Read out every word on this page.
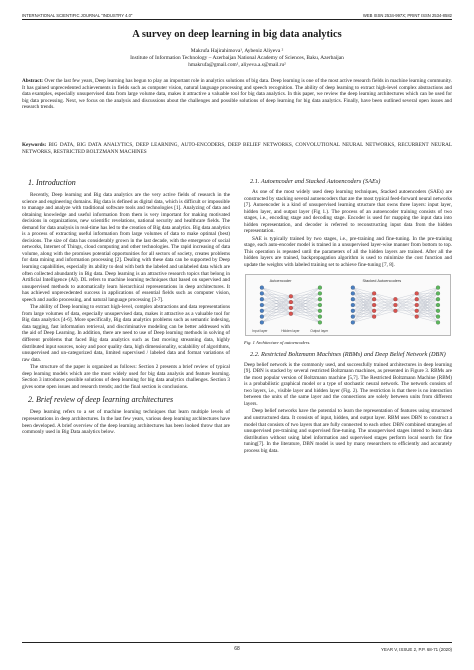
INTERNATIONAL SCIENTIFIC JOURNAL "INDUSTRY 4.0"	WEB ISSN 2534-997X; PRINT ISSN 2534-8582
A survey on deep learning in big data analytics
Makrufa Hajirahimova¹, Aybeniz Aliyeva ²
Institute of Information Technology ‒ Azerbaijan National Academy of Sciences, Baku, Azerbaijan
hmakrufa@gmail.com¹, aliyeva.a.s@mail.ru²
Abstract: Over the last few years, Deep learning has begun to play an important role in analytics solutions of big data. Deep learning is one of the most active research fields in machine learning community. It has gained unprecedented achievements in fields such as computer vision, natural language processing and speech recognition. The ability of deep learning to extract high-level complex abstractions and data examples, especially unsupervised data from large volume data, makes it attractive a valuable tool for big data analytics. In this paper, we review the deep learning architectures which can be used for big data processing. Next, we focus on the analysis and discussions about the challenges and possible solutions of deep learning for big data analytics. Finally, have been outlined several open issues and research trends.
Keywords: BIG DATA, BIG DATA ANALYTICS, DEEP LEARNING, AUTO-ENCODERS, DEEP BELIEF NETWORKS, CONVOLUTIONAL NEURAL NETWORKS, RECURRENT NEURAL NETWORKS, RESTRICTED BOLTZMANN MACHINES
1. Introduction

Recently, Deep learning and Big data analytics are the very active fields of research in the science and engineering domains. Big data is defined as digital data, which is difficult or impossible to manage and analyze with traditional software tools and technologies [1]. Analyzing of data and obtaining knowledge and useful information from them is very important for making motivated decisions in organizations, new scientific revelations, national security and healthcare fields. The demand for data analysis in real-time has led to the creation of Big data analytics. Big data analytics is a process of extracting useful information from large volumes of data to make optimal (best) decisions. The size of data has considerably grown in the last decade, with the emergence of social networks, Internet of Things, cloud computing and other technologies. The rapid increasing of data volume, along with the promises potential opportunities for all sectors of society, creates problems for data mining and information processing [2]. Dealing with these data can be supported by Deep learning capabilities, especially its ability to deal with both the labeled and unlabeled data which are often collected abundantly in Big data. Deep learning is an attractive research topics that belong in Artificial Intelligence (AI). DL refers to machine learning techniques that based on supervised and unsupervised methods to automatically learn hierarchical representations in deep architectures. It has achieved unprecedented success in applications of essential fields such as computer vision, speech and audio processing, and natural language processing [3-7].

The ability of Deep learning to extract high-level, complex abstractions and data representations from large volumes of data, especially unsupervised data, makes it attractive as a valuable tool for Big data analytics [4-6]. More specifically, Big data analytics problems such as semantic indexing, data tagging, fast information retrieval, and discriminative modeling can be better addressed with the aid of Deep Learning. In addition, there are need to use of Deep learning methods in solving of different problems that faced Big data analytics such as fast moving streaming data, highly distributed input sources, noisy and poor quality data, high dimensionality, scalability of algorithms, unsupervised and un-categorized data, limited supervised / labeled data and format variations of raw data.

The structure of the paper is organized as follows: Section 2 presents a brief review of typical deep learning models which are the most widely used for big data analysis and feature learning. Section 3 introduces possible solutions of deep learning for big data analytics challenges. Section 3 gives some open issues and research trends; and the final section is conclusions.

2. Brief review of deep learning architectures

Deep learning refers to a set of machine learning techniques that learn multiple levels of representations in deep architectures. In the last few years, various deep learning architectures have been developed. A brief overview of the deep learning architectures has been looked throw that are commonly used in Big Data analytics below.

2.1. Autoencoder and Stacked Autoencoders (SAEs)

As one of the most widely used deep learning techniques, Stacked autoencoders (SAEs) are constructed by stacking several autoencoders that are the most typical feed-forward neural networks [7]. Autoencoder is a kind of unsupervised learning structure that owns three layers: input layer, hidden layer, and output layer (Fig 1.). The process of an autoencoder training consists of two stages, i.e., encoding stage and decoding stage. Encoder is used for mapping the input data into hidden representation, and decoder is referred to reconstructing input data from the hidden representation.

SAE is typically trained by two stages, i.e., pre-training and fine-tuning. In the pre-training stage, each auto-encoder model is trained in a unsupervised layer-wise manner from bottom to top. This operation is repeated until the parameters of all the hidden layers are trained. After all the hidden layers are trained, backpropagation algorithm is used to minimize the cost function and update the weights with labeled training set to achieve fine-tuning [7, 8].

Autoencoder	Stacked Autoencoders
Input layer	Hidden layer	Output layer
Fig. 1 Architecture of autoencoders.
2.2. Restricted Boltzmann Machines (RBMs) and Deep Belief Network (DBN)

Deep belief network is the commonly used, and successfully trained architectures in deep learning [9]. DBN is stacked by several restricted Boltzmann machines, as presented in Figure 3. RBMs are the most popular version of Boltzmann machine [5,7]. The Restricted Boltzmann Machine (RBM) is a probabilistic graphical model or a type of stochastic neural network. The network consists of two layers, i.e., visible layer and hidden layer (Fig. 2). The restriction is that there is no interaction between the units of the same layer and the connections are solely between units from different layers.

Deep belief networks have the potential to learn the representation of features using structured and unstructured data. It consists of input, hidden, and output layer. RBM uses DBN to construct a model that consists of two layers that are fully connected to each other. DBN combined strategies of unsupervised pre-training and supervised fine-tuning. The unsupervised stages intend to learn data distribution without using label information and supervised stages perform local search for fine tuning[7]. In the literature, DBN model is used by many researchers to efficiently and accurately process big data.

68	YEAR V, ISSUE 2, P.P. 68-71 (2020)
